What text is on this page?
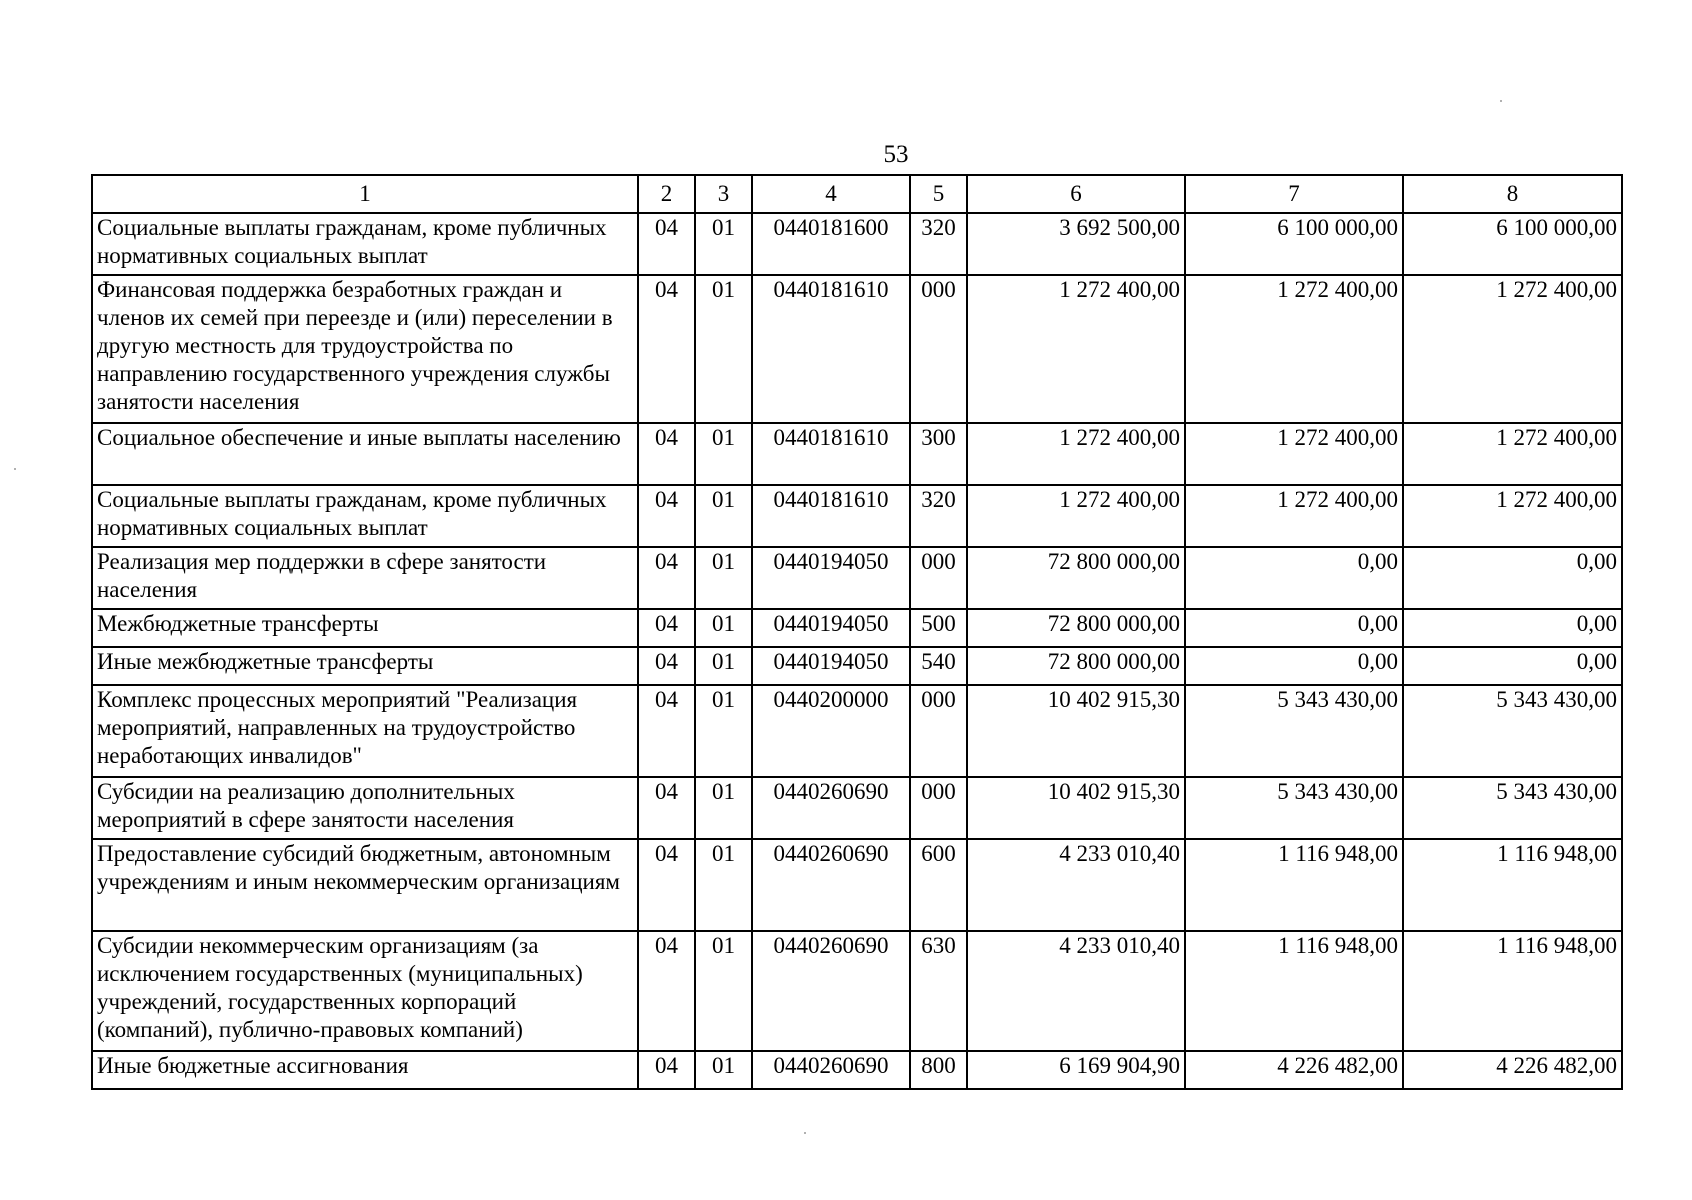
53
1	2	3	4	5	6	7	8
Социальные выплаты гражданам, кроме публичных нормативных социальных выплат	04	01	0440181600	320	3 692 500,00	6 100 000,00	6 100 000,00
Финансовая поддержка безработных граждан и членов их семей при переезде и (или) переселении в другую местность для трудоустройства по направлению государственного учреждения службы занятости населения	04	01	0440181610	000	1 272 400,00	1 272 400,00	1 272 400,00
Социальное обеспечение и иные выплаты населению	04	01	0440181610	300	1 272 400,00	1 272 400,00	1 272 400,00
Социальные выплаты гражданам, кроме публичных нормативных социальных выплат	04	01	0440181610	320	1 272 400,00	1 272 400,00	1 272 400,00
Реализация мер поддержки в сфере занятости населения	04	01	0440194050	000	72 800 000,00	0,00	0,00
Межбюджетные трансферты	04	01	0440194050	500	72 800 000,00	0,00	0,00
Иные межбюджетные трансферты	04	01	0440194050	540	72 800 000,00	0,00	0,00
Комплекс процессных мероприятий "Реализация мероприятий, направленных на трудоустройство неработающих инвалидов"	04	01	0440200000	000	10 402 915,30	5 343 430,00	5 343 430,00
Субсидии на реализацию дополнительных мероприятий в сфере занятости населения	04	01	0440260690	000	10 402 915,30	5 343 430,00	5 343 430,00
Предоставление субсидий бюджетным, автономным учреждениям и иным некоммерческим организациям	04	01	0440260690	600	4 233 010,40	1 116 948,00	1 116 948,00
Субсидии некоммерческим организациям (за исключением государственных (муниципальных) учреждений, государственных корпораций (компаний), публично-правовых компаний)	04	01	0440260690	630	4 233 010,40	1 116 948,00	1 116 948,00
Иные бюджетные ассигнования	04	01	0440260690	800	6 169 904,90	4 226 482,00	4 226 482,00
